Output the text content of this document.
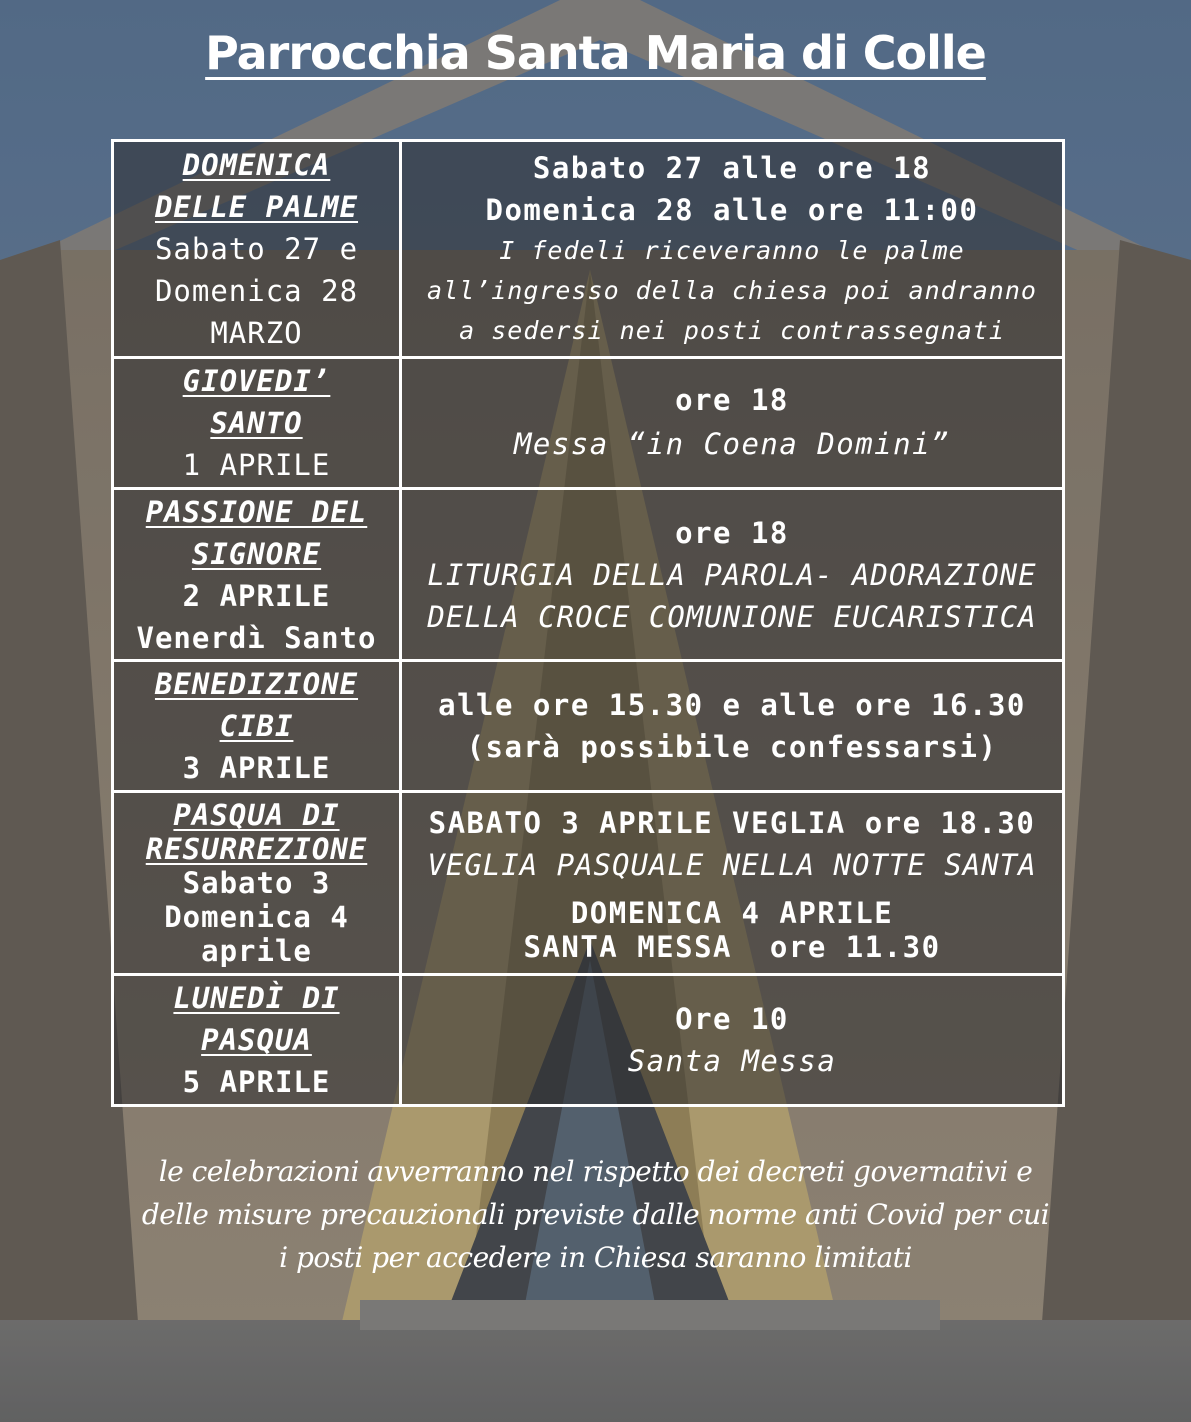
Parrocchia Santa Maria di Colle
DOMENICA
DELLE PALME
Sabato 27 e
Domenica 28
MARZO	Sabato 27 alle ore 18
Domenica 28 alle ore 11:00
I fedeli riceveranno le palme
all’ingresso della chiesa poi andranno
a sedersi nei posti contrassegnati

GIOVEDI’
SANTO
1 APRILE	ore 18
Messa “in Coena Domini”

PASSIONE DEL
SIGNORE
2 APRILE
Venerdì Santo	ore 18
LITURGIA DELLA PAROLA- ADORAZIONE
DELLA CROCE COMUNIONE EUCARISTICA

BENEDIZIONE
CIBI
3 APRILE	alle ore 15.30 e alle ore 16.30
(sarà possibile confessarsi)

PASQUA DI
RESURREZIONE
Sabato 3
Domenica 4
aprile	SABATO 3 APRILE VEGLIA ore 18.30
VEGLIA PASQUALE NELLA NOTTE SANTA
DOMENICA 4 APRILE
SANTA MESSA  ore 11.30

LUNEDÌ DI
PASQUA
5 APRILE	Ore 10
Santa Messa
le celebrazioni avverranno nel rispetto dei decreti governativi e
delle misure precauzionali previste dalle norme anti Covid per cui
i posti per accedere in Chiesa saranno limitati
